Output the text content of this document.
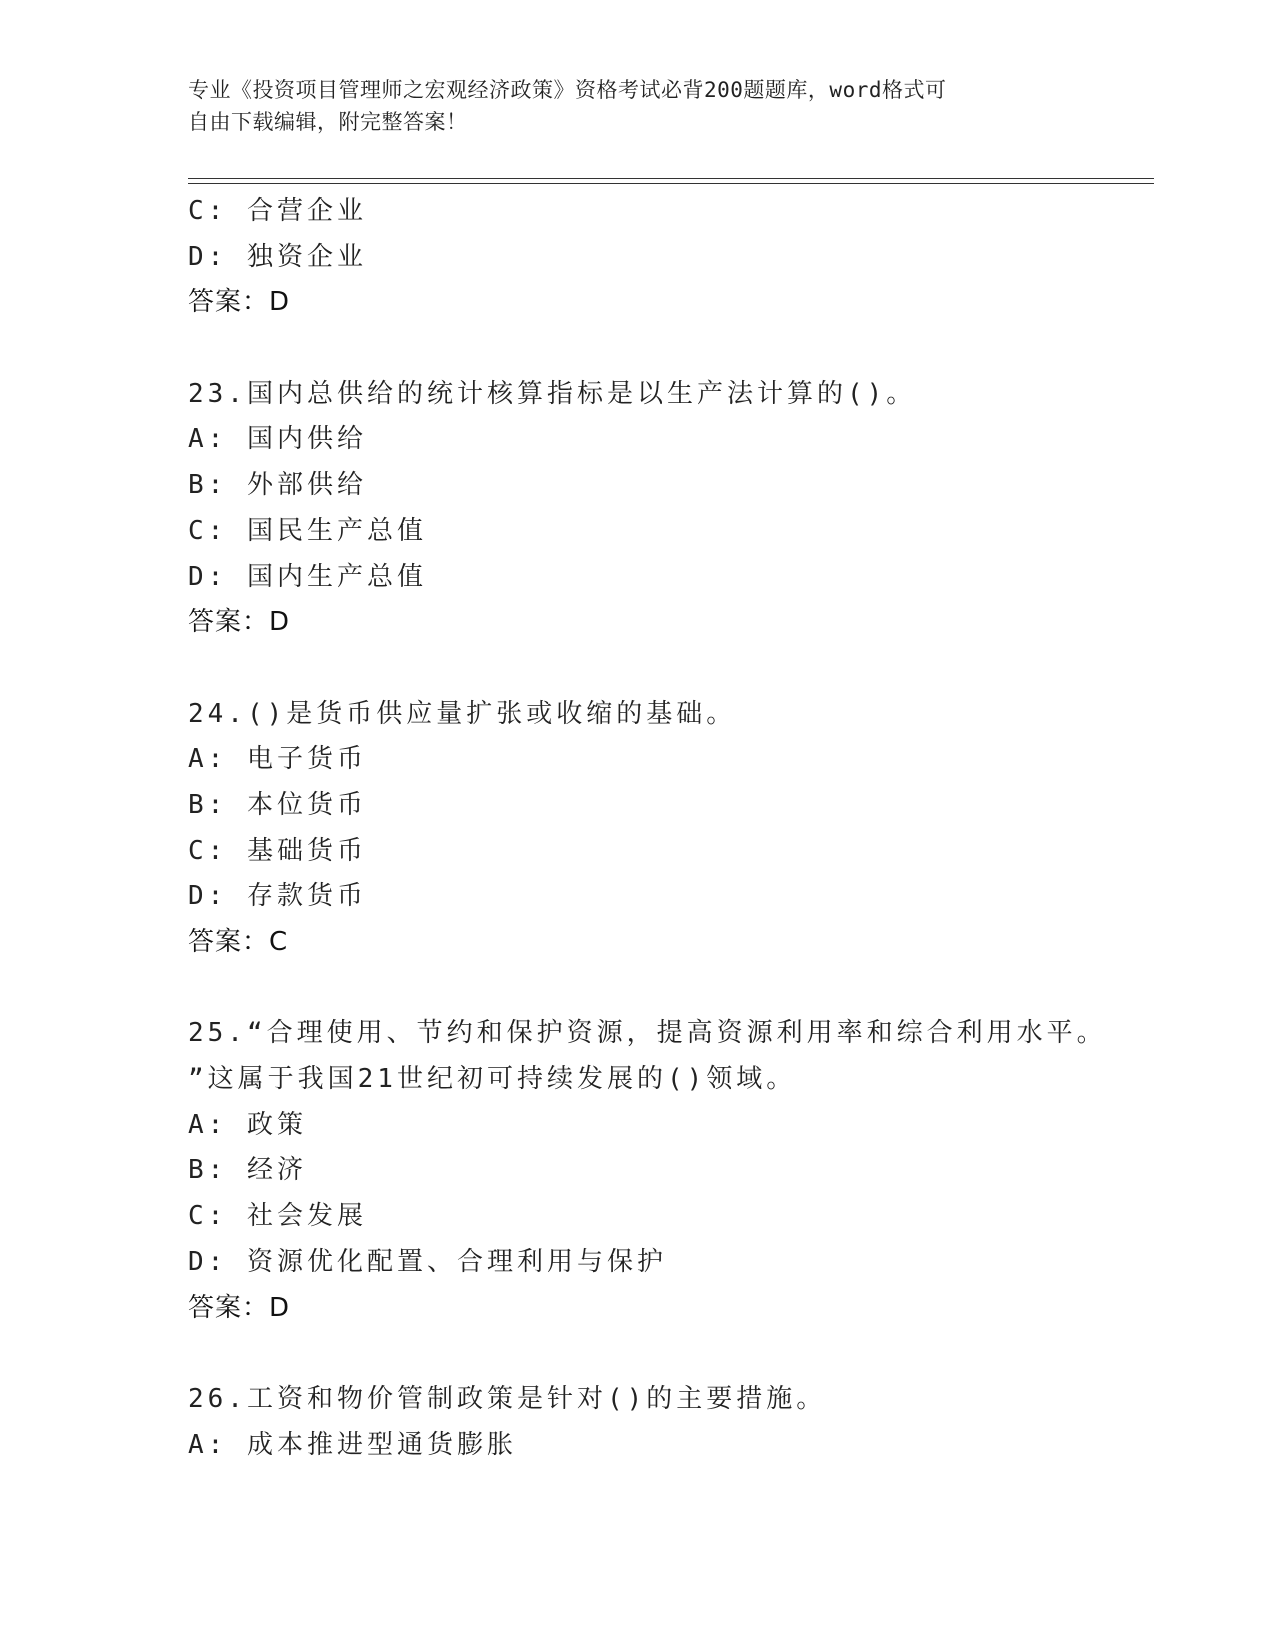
专业《投资项目管理师之宏观经济政策》资格考试必背200题题库，word格式可
自由下载编辑，附完整答案！
C: 合营企业
D: 独资企业
答案：D
23.国内总供给的统计核算指标是以生产法计算的()。
A: 国内供给
B: 外部供给
C: 国民生产总值
D: 国内生产总值
答案：D
24.()是货币供应量扩张或收缩的基础。
A: 电子货币
B: 本位货币
C: 基础货币
D: 存款货币
答案：C
25.“合理使用、节约和保护资源，提高资源利用率和综合利用水平。
”这属于我国21世纪初可持续发展的()领域。
A: 政策
B: 经济
C: 社会发展
D: 资源优化配置、合理利用与保护
答案：D
26.工资和物价管制政策是针对()的主要措施。
A: 成本推进型通货膨胀
